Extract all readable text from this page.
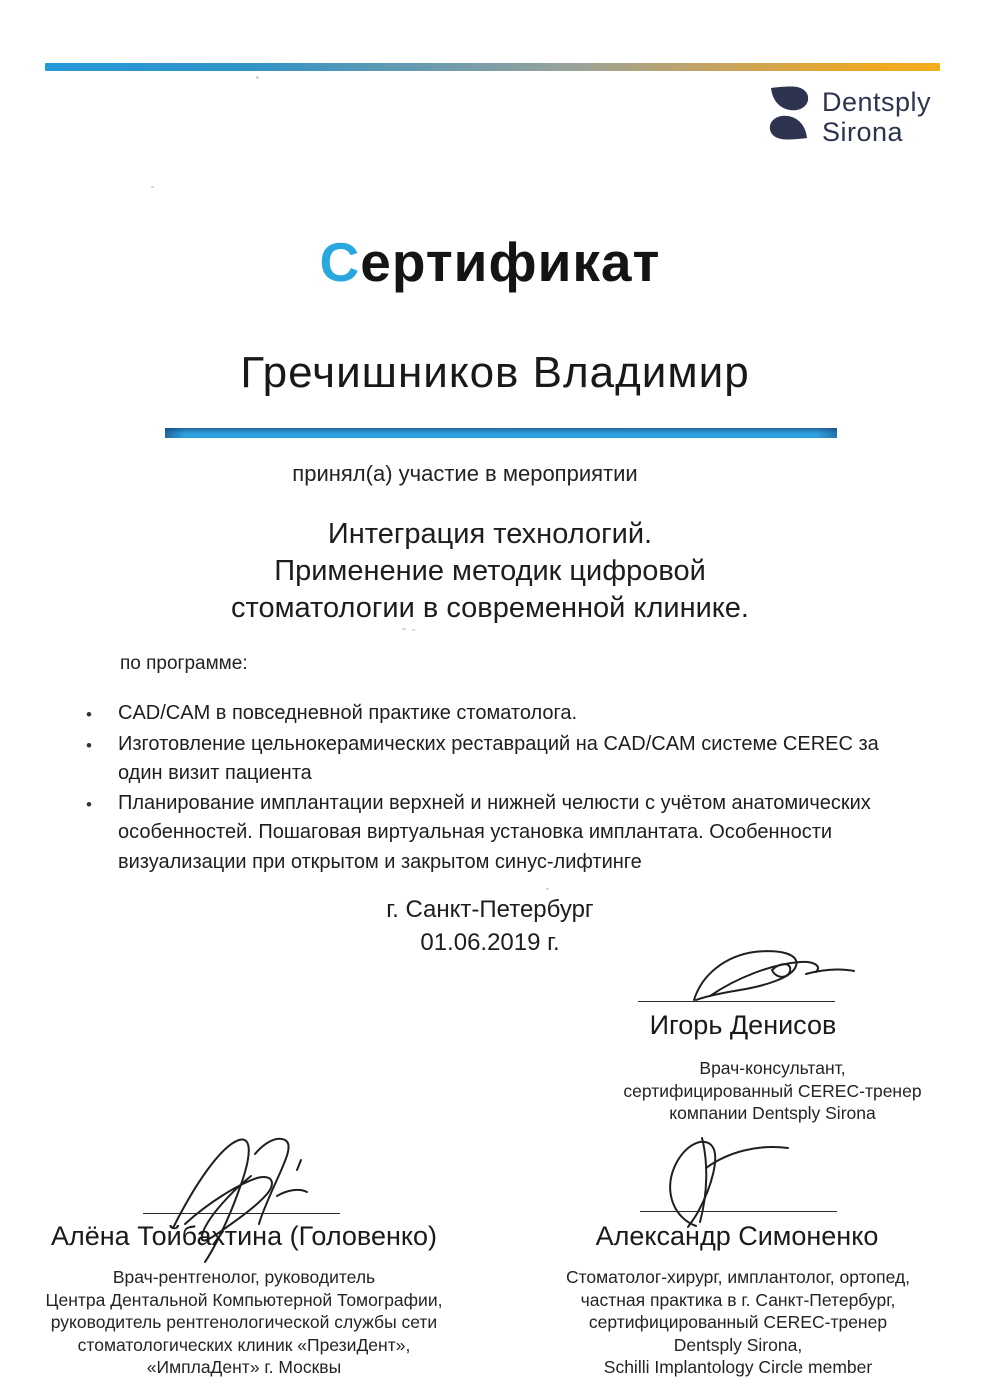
Dentsply
Sirona
Сертификат
Гречишников Владимир
принял(а) участие в мероприятии
Интеграция технологий.
Применение методик цифровой
стоматологии в современной клинике.
по программе:
•	CAD/CAM в повседневной практике стоматолога.
•	Изготовление цельнокерамических реставраций на CAD/CAM системе CEREC за один визит пациента
•	Планирование имплантации верхней и нижней челюсти с учётом анатомических особенностей. Пошаговая виртуальная установка имплантата. Особенности визуализации при открытом и закрытом синус-лифтинге
г. Санкт-Петербург
01.06.2019 г.
Игорь Денисов
Врач-консультант,
сертифицированный CEREC-тренер
компании Dentsply Sirona
Алёна Тойбахтина (Головенко)
Врач-рентгенолог, руководитель
Центра Дентальной Компьютерной Томографии,
руководитель рентгенологической службы сети
стоматологических клиник «ПрезиДент»,
«ИмплаДент» г. Москвы
Александр Симоненко
Стоматолог-хирург, имплантолог, ортопед,
частная практика в г. Санкт-Петербург,
сертифицированный CEREC-тренер
Dentsply Sirona,
Schilli Implantology Circle member
